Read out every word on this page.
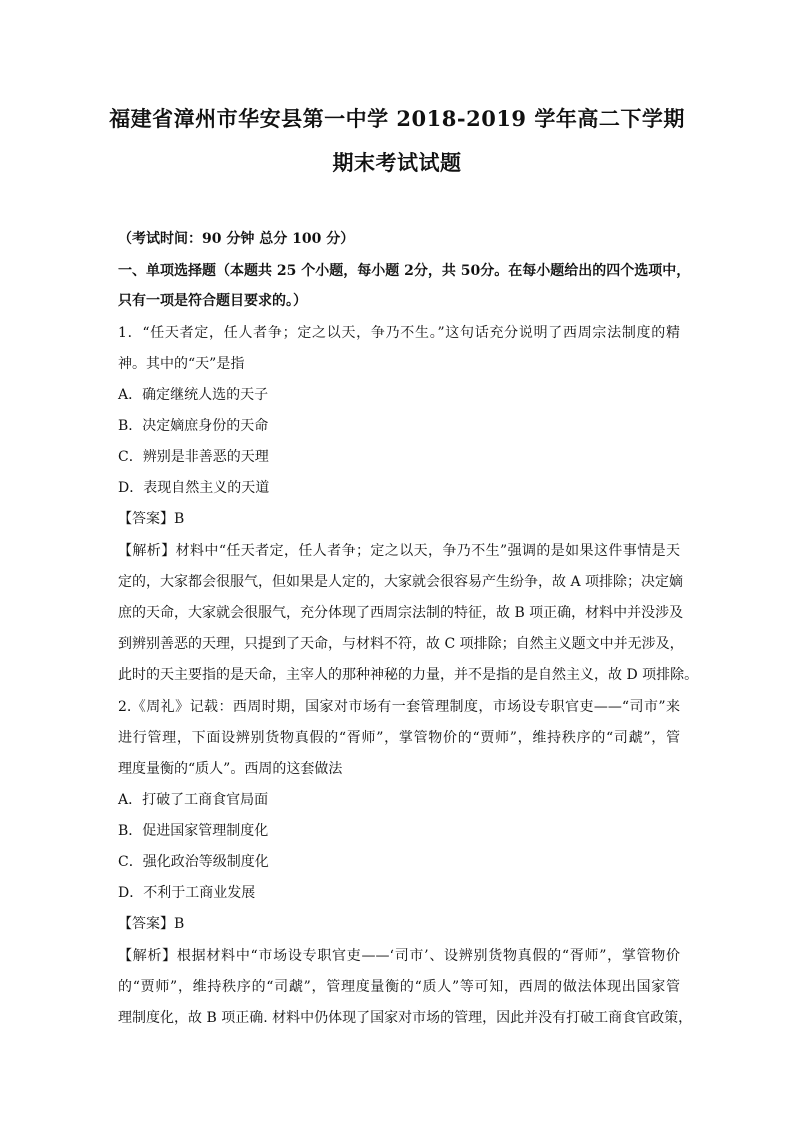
福建省漳州市华安县第一中学 2018-2019 学年高二下学期
期末考试试题
（考试时间：90 分钟 总分 100 分）
一、单项选择题（本题共 25 个小题，每小题 2分，共 50分。在每小题给出的四个选项中，
只有一项是符合题目要求的。）
1．“任天者定，任人者争；定之以天，争乃不生。”这句话充分说明了西周宗法制度的精
神。其中的“天”是指
A．确定继统人选的天子
B．决定嫡庶身份的天命
C．辨别是非善恶的天理
D．表现自然主义的天道
【答案】B
【解析】材料中“任天者定，任人者争；定之以天，争乃不生”强调的是如果这件事情是天
定的，大家都会很服气，但如果是人定的，大家就会很容易产生纷争，故 A 项排除；决定嫡
庶的天命，大家就会很服气，充分体现了西周宗法制的特征，故 B 项正确，材料中并没涉及
到辨别善恶的天理，只提到了天命，与材料不符，故 C 项排除；自然主义题文中并无涉及，
此时的天主要指的是天命，主宰人的那种神秘的力量，并不是指的是自然主义，故 D 项排除。
2.《周礼》记载：西周时期，国家对市场有一套管理制度，市场设专职官吏——“司市”来
进行管理，下面设辨别货物真假的“胥师”，掌管物价的“贾师”，维持秩序的“司虣”，管
理度量衡的“质人”。西周的这套做法
A．打破了工商食官局面
B．促进国家管理制度化
C．强化政治等级制度化
D．不利于工商业发展
【答案】B
【解析】根据材料中“市场设专职官吏——‘司市’、设辨别货物真假的“胥师”，掌管物价
的“贾师”，维持秩序的“司虣”，管理度量衡的“质人”等可知，西周的做法体现出国家管
理制度化，故 B 项正确. 材料中仍体现了国家对市场的管理，因此并没有打破工商食官政策，
